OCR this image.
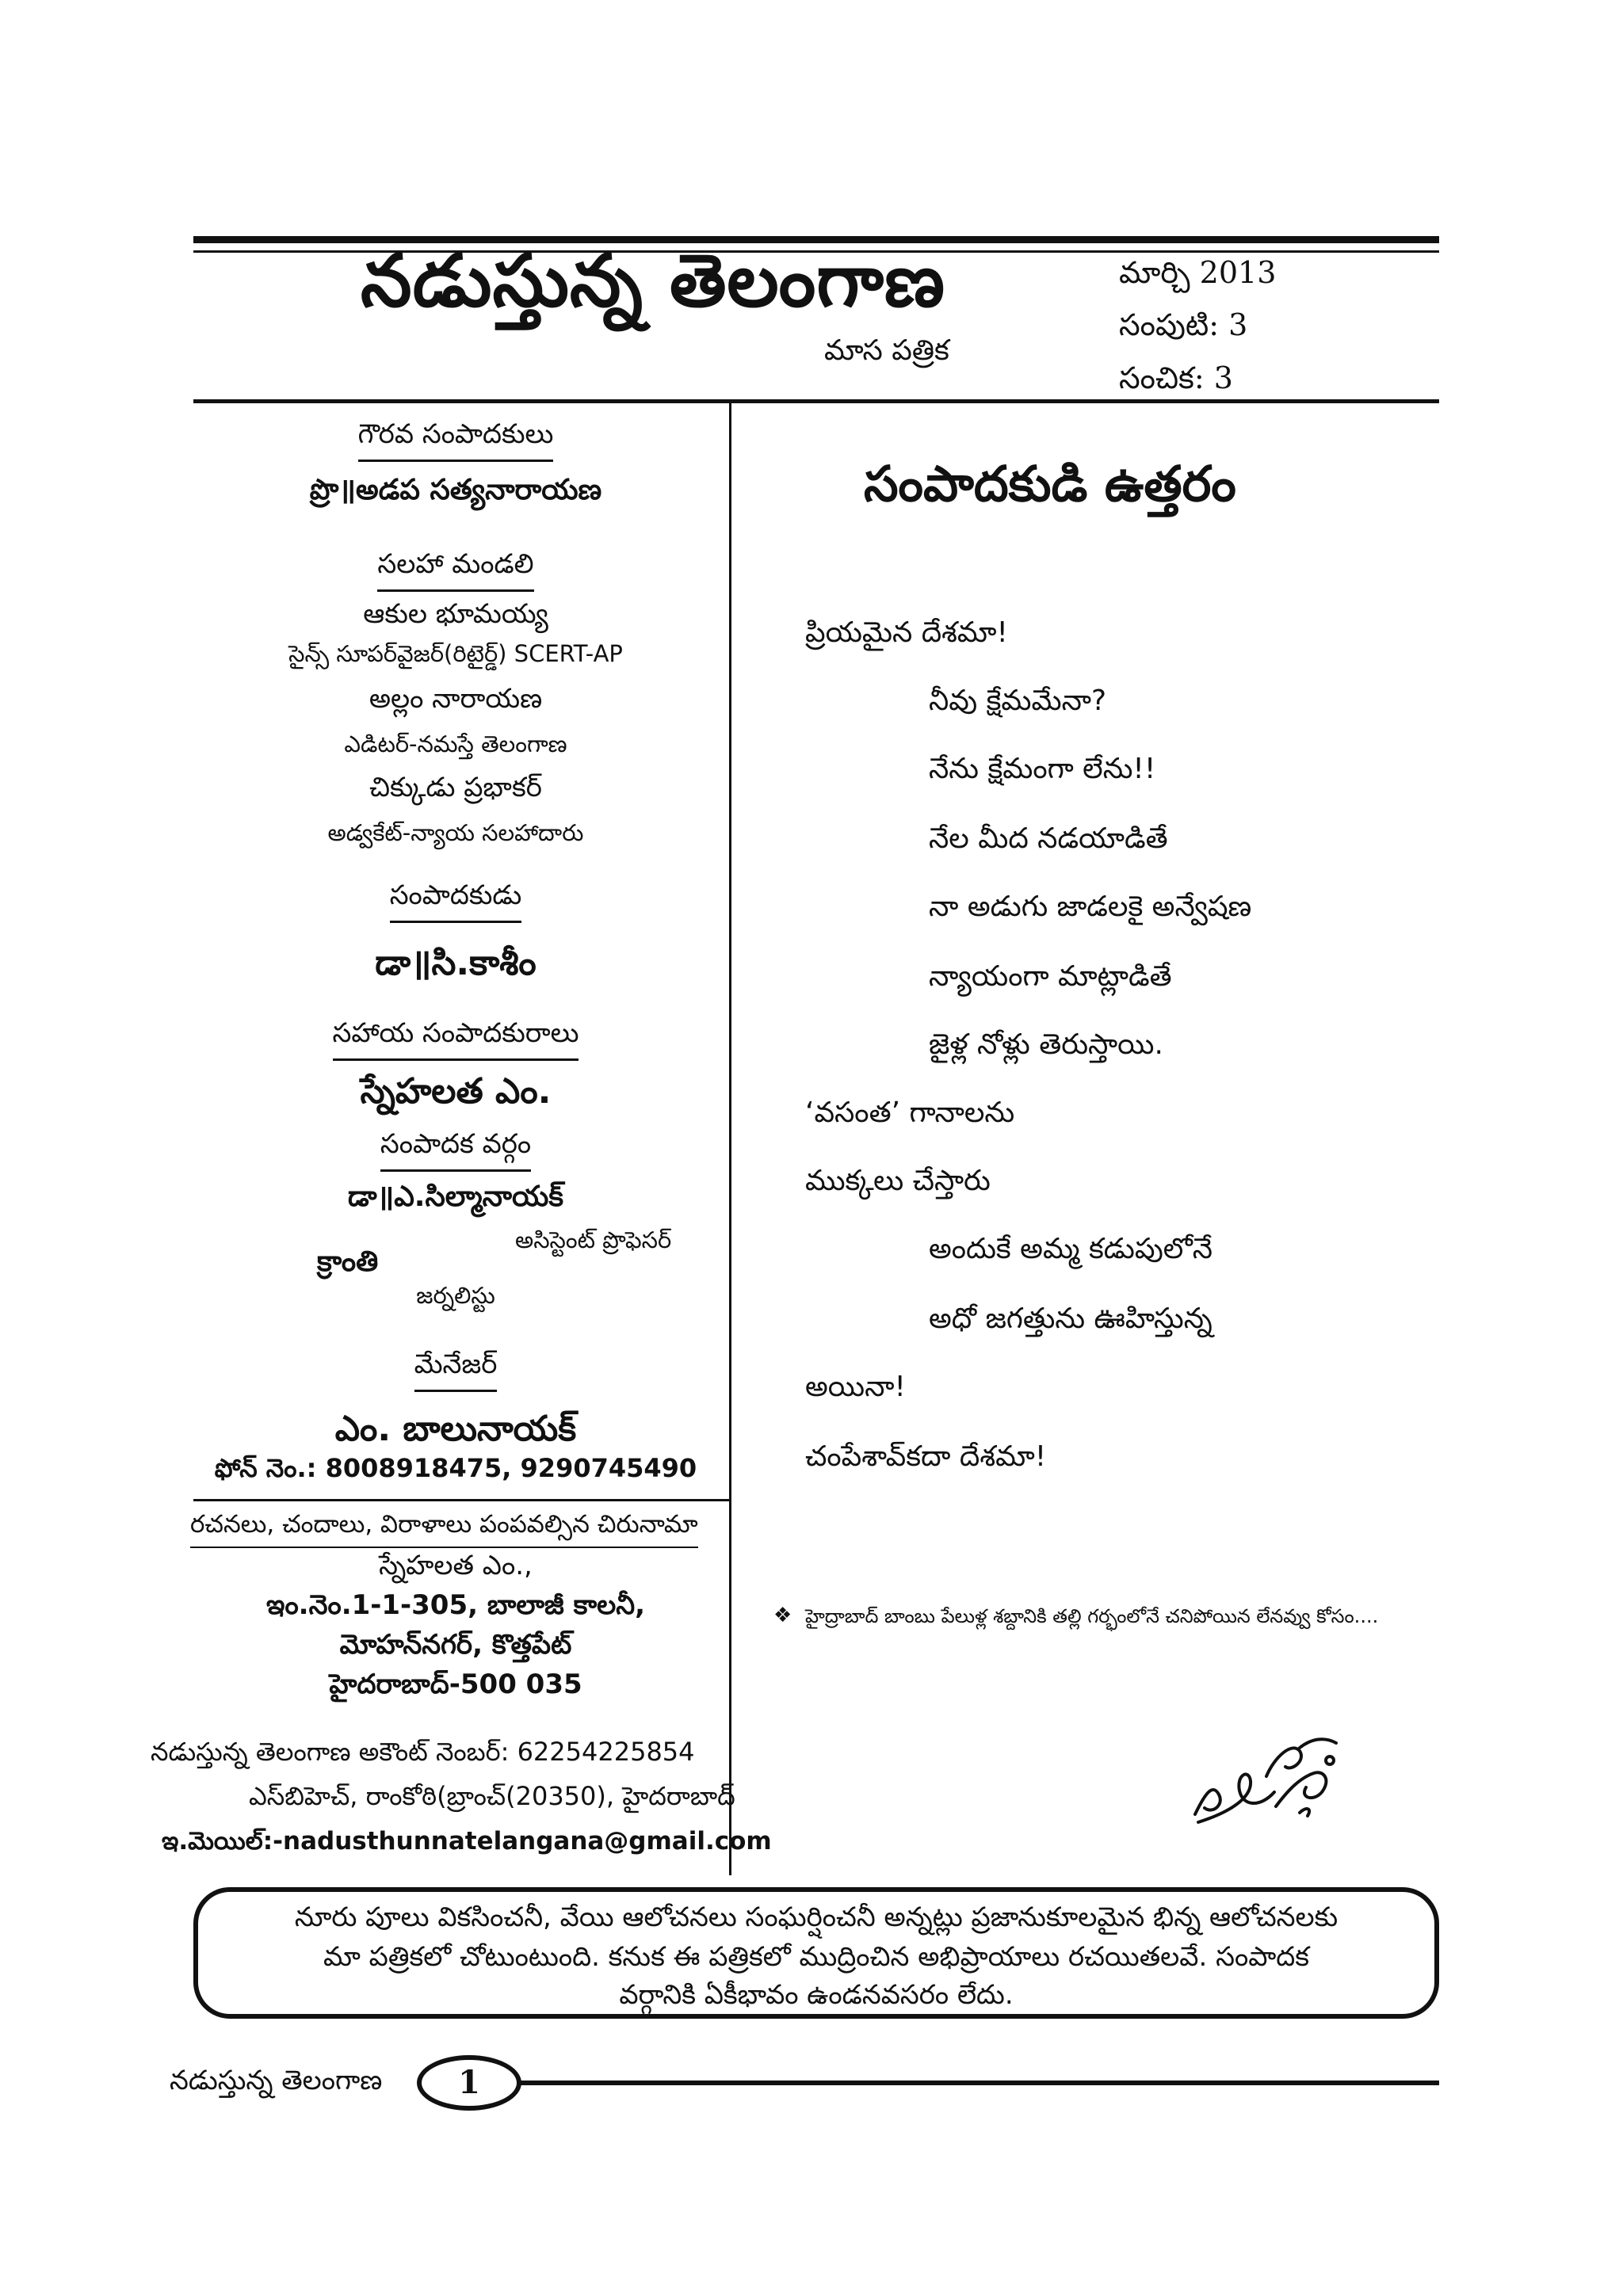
నడుస్తున్న తెలంగాణ
మాస పత్రిక
మార్చి 2013
సంపుటి: 3
సంచిక: 3
గౌరవ సంపాదకులు
ప్రొ॥అడప సత్యనారాయణ
సలహా మండలి
ఆకుల భూమయ్య
సైన్స్ సూపర్‌వైజర్(రిటైర్డ్) SCERT-AP
అల్లం నారాయణ
ఎడిటర్-నమస్తే తెలంగాణ
చిక్కుడు ప్రభాకర్
అడ్వకేట్-న్యాయ సలహాదారు
సంపాదకుడు
డా॥సి.కాశీం
సహాయ సంపాదకురాలు
స్నేహలత ఎం.
సంపాదక వర్గం
డా॥ఎ.సిల్మానాయక్
అసిస్టెంట్ ప్రొఫెసర్
క్రాంతి
జర్నలిస్టు
మేనేజర్
ఎం. బాలునాయక్
ఫోన్ నెం.: 8008918475, 9290745490
రచనలు, చందాలు, విరాళాలు పంపవల్సిన చిరునామా
స్నేహలత ఎం.,
ఇం.నెం.1-1-305, బాలాజీ కాలనీ,
మోహన్‌నగర్, కొత్తపేట్
హైదరాబాద్-500 035
నడుస్తున్న తెలంగాణ అకౌంట్ నెంబర్: 62254225854
ఎస్‌బిహెచ్, రాంకోఠి(బ్రాంచ్(20350), హైదరాబాద్
ఇ.మెయిల్:-nadusthunnatelangana@gmail.com
సంపాదకుడి ఉత్తరం
ప్రియమైన దేశమా!
నీవు క్షేమమేనా?
నేను క్షేమంగా లేను!!
నేల మీద నడయాడితే
నా అడుగు జాడలకై అన్వేషణ
న్యాయంగా మాట్లాడితే
జైళ్ల నోళ్లు తెరుస్తాయి.
‘వసంత’ గానాలను
ముక్కలు చేస్తారు
అందుకే అమ్మ కడుపులోనే
అధో జగత్తును ఊహిస్తున్న
అయినా!
చంపేశావ్‌కదా దేశమా!
❖ హైద్రాబాద్ బాంబు పేలుళ్ల శబ్దానికి తల్లి గర్భంలోనే చనిపోయిన లేనవ్వు కోసం....

నూరు పూలు వికసించనీ, వేయి ఆలోచనలు సంఘర్షించనీ అన్నట్లు ప్రజానుకూలమైన భిన్న ఆలోచనలకు

మా పత్రికలో చోటుంటుంది. కనుక ఈ పత్రికలో ముద్రించిన అభిప్రాయాలు రచయితలవే. సంపాదక

వర్గానికి ఏకీభావం ఉండనవసరం లేదు.

నడుస్తున్న తెలంగాణ	1
